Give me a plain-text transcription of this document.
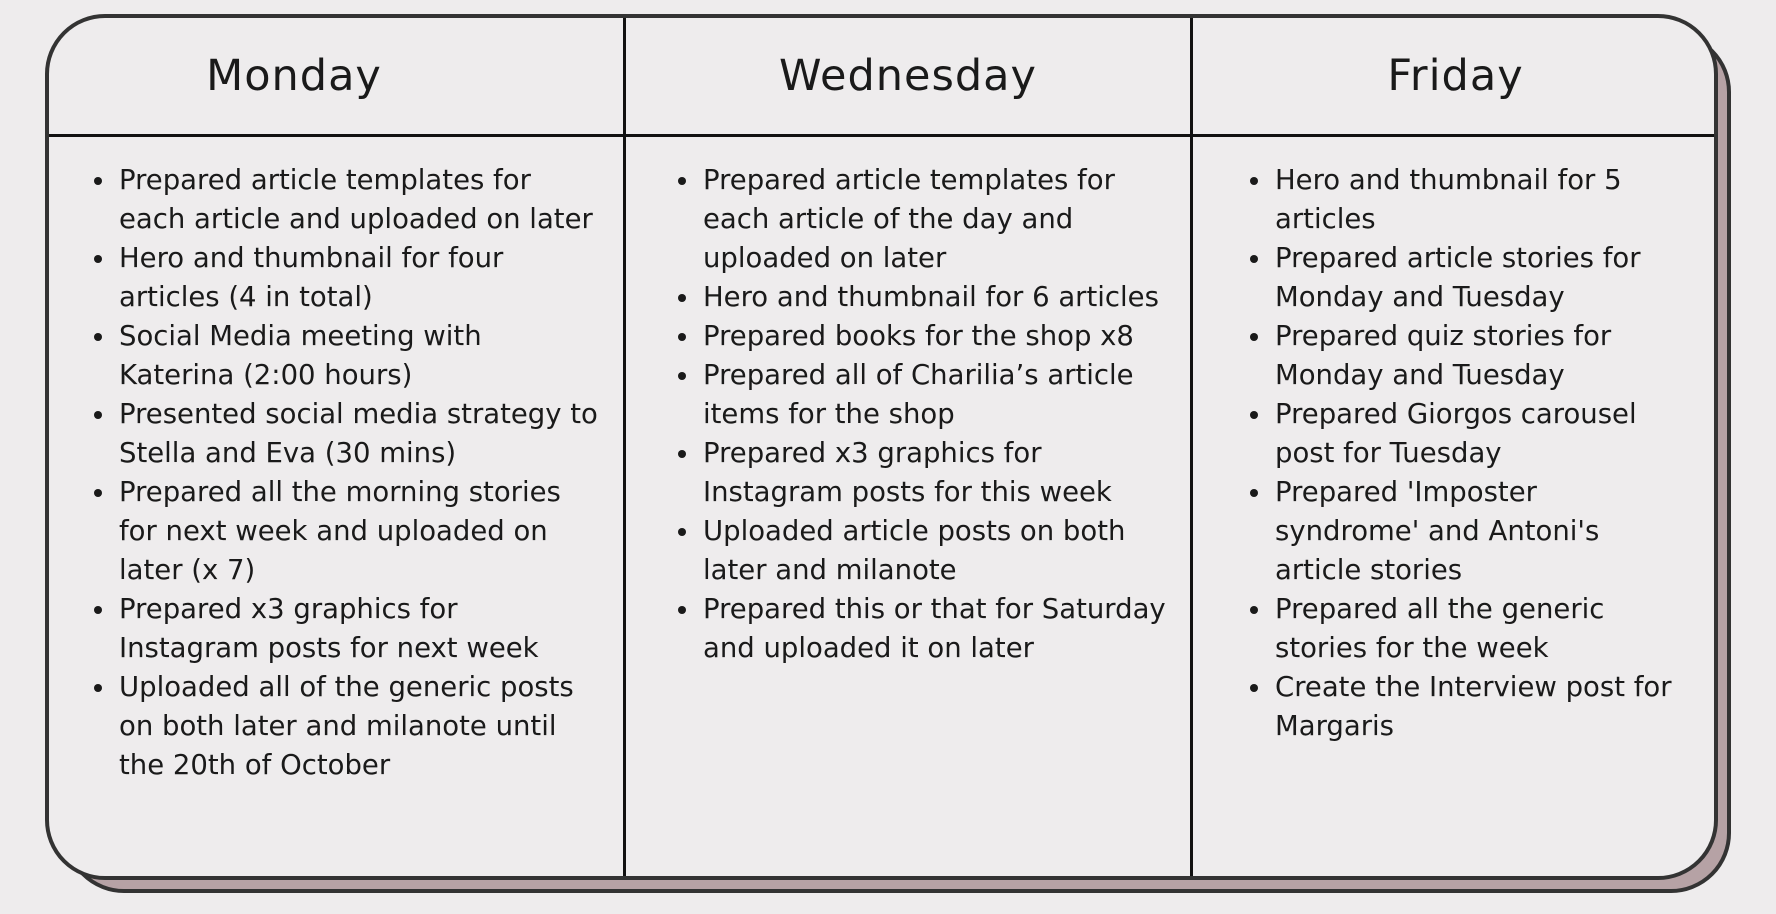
Monday
• Prepared article templates for each article and uploaded on later
• Hero and thumbnail for four articles (4 in total)
• Social Media meeting with Katerina (2:00 hours)
• Presented social media strategy to Stella and Eva (30 mins)
• Prepared all the morning stories for next week and uploaded on later (x 7)
• Prepared x3 graphics for Instagram posts for next week
• Uploaded all of the generic posts on both later and milanote until the 20th of October
Wednesday
• Prepared article templates for each article of the day and uploaded on later
• Hero and thumbnail for 6 articles
• Prepared books for the shop x8
• Prepared all of Charilia’s article items for the shop
• Prepared x3 graphics for Instagram posts for this week
• Uploaded article posts on both later and milanote
• Prepared this or that for Saturday and uploaded it on later
Friday
• Hero and thumbnail for 5 articles
• Prepared article stories for Monday and Tuesday
• Prepared quiz stories for Monday and Tuesday
• Prepared Giorgos carousel post for Tuesday
• Prepared 'Imposter syndrome' and Antoni's article stories
• Prepared all the generic stories for the week
• Create the Interview post for Margaris
